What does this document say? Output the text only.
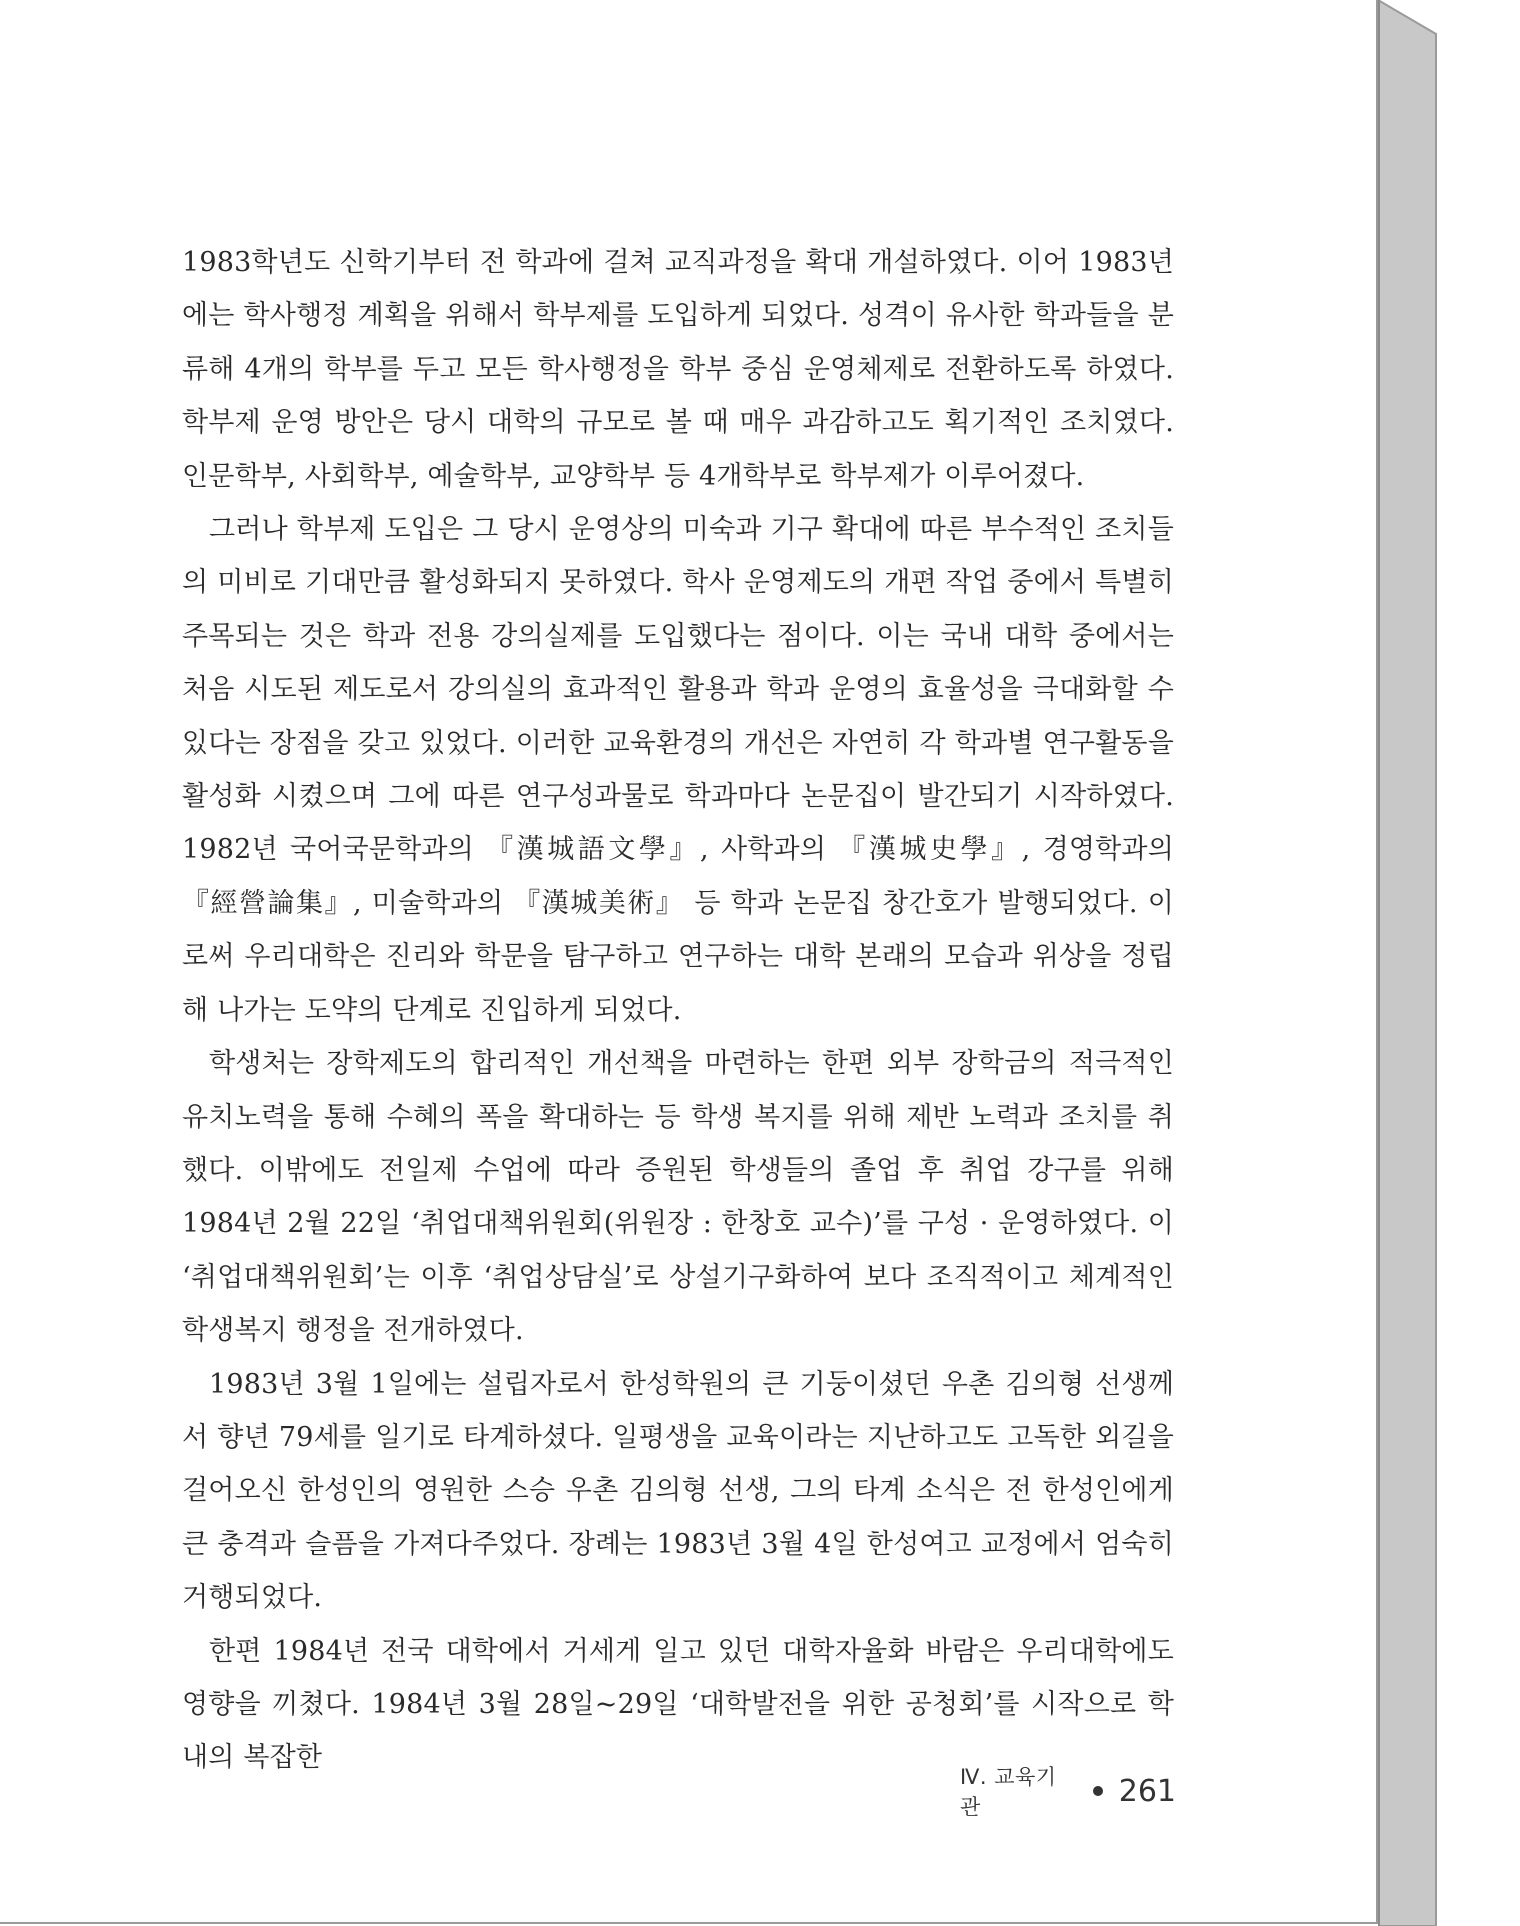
1983학년도 신학기부터 전 학과에 걸쳐 교직과정을 확대 개설하였다. 이어 1983년에는 학사행정 계획을 위해서 학부제를 도입하게 되었다. 성격이 유사한 학과들을 분류해 4개의 학부를 두고 모든 학사행정을 학부 중심 운영체제로 전환하도록 하였다. 학부제 운영 방안은 당시 대학의 규모로 볼 때 매우 과감하고도 획기적인 조치였다. 인문학부, 사회학부, 예술학부, 교양학부 등 4개학부로 학부제가 이루어졌다.

그러나 학부제 도입은 그 당시 운영상의 미숙과 기구 확대에 따른 부수적인 조치들의 미비로 기대만큼 활성화되지 못하였다. 학사 운영제도의 개편 작업 중에서 특별히 주목되는 것은 학과 전용 강의실제를 도입했다는 점이다. 이는 국내 대학 중에서는 처음 시도된 제도로서 강의실의 효과적인 활용과 학과 운영의 효율성을 극대화할 수 있다는 장점을 갖고 있었다. 이러한 교육환경의 개선은 자연히 각 학과별 연구활동을 활성화 시켰으며 그에 따른 연구성과물로 학과마다 논문집이 발간되기 시작하였다. 1982년 국어국문학과의 『漢城語文學』, 사학과의 『漢城史學』, 경영학과의 『經營論集』, 미술학과의 『漢城美術』 등 학과 논문집 창간호가 발행되었다. 이로써 우리대학은 진리와 학문을 탐구하고 연구하는 대학 본래의 모습과 위상을 정립해 나가는 도약의 단계로 진입하게 되었다.

학생처는 장학제도의 합리적인 개선책을 마련하는 한편 외부 장학금의 적극적인 유치노력을 통해 수혜의 폭을 확대하는 등 학생 복지를 위해 제반 노력과 조치를 취했다. 이밖에도 전일제 수업에 따라 증원된 학생들의 졸업 후 취업 강구를 위해 1984년 2월 22일 ‘취업대책위원회(위원장 : 한창호 교수)’를 구성 · 운영하였다. 이 ‘취업대책위원회’는 이후 ‘취업상담실’로 상설기구화하여 보다 조직적이고 체계적인 학생복지 행정을 전개하였다.

1983년 3월 1일에는 설립자로서 한성학원의 큰 기둥이셨던 우촌 김의형 선생께서 향년 79세를 일기로 타계하셨다. 일평생을 교육이라는 지난하고도 고독한 외길을 걸어오신 한성인의 영원한 스승 우촌 김의형 선생, 그의 타계 소식은 전 한성인에게 큰 충격과 슬픔을 가져다주었다. 장례는 1983년 3월 4일 한성여고 교정에서 엄숙히 거행되었다.

한편 1984년 전국 대학에서 거세게 일고 있던 대학자율화 바람은 우리대학에도 영향을 끼쳤다. 1984년 3월 28일~29일 ‘대학발전을 위한 공청회’를 시작으로 학내의 복잡한

Ⅳ. 교육기관	261
